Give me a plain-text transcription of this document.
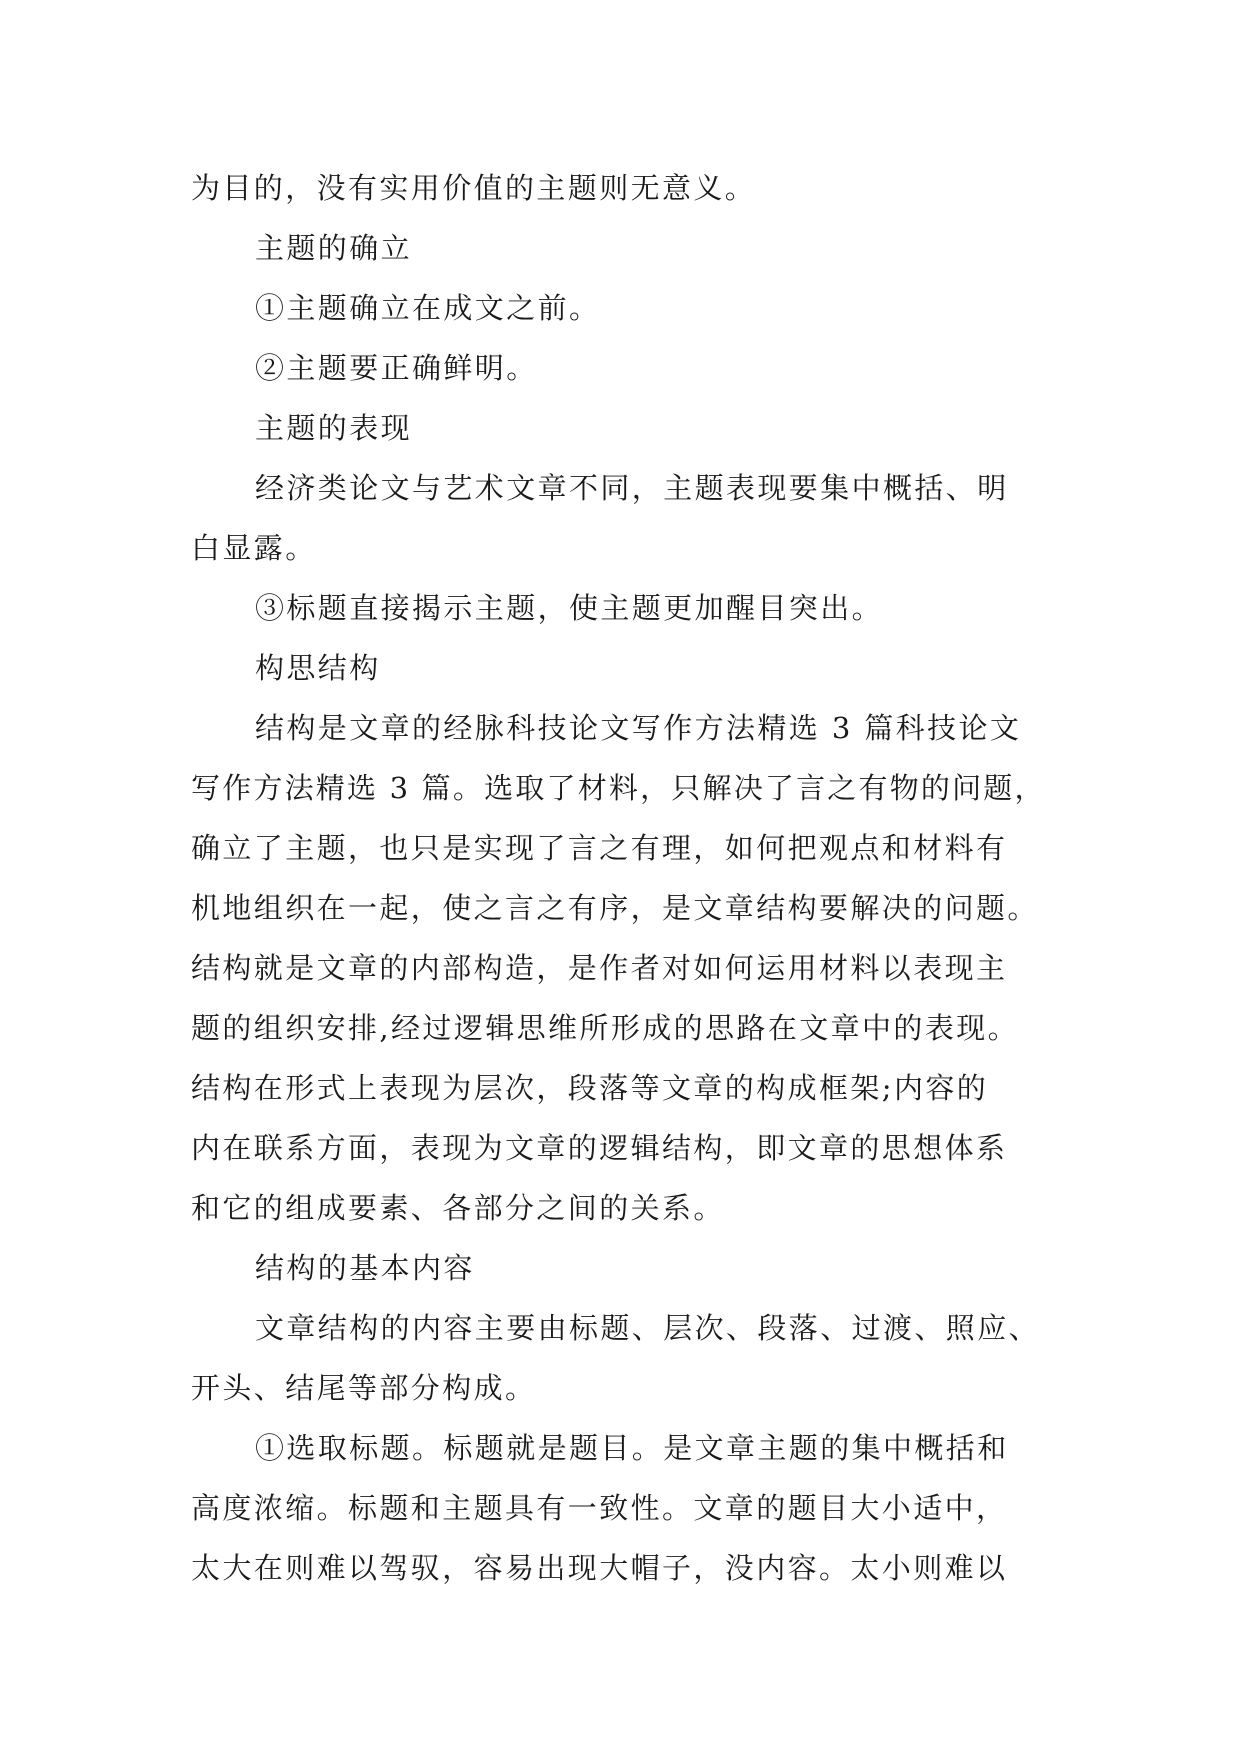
为目的，没有实用价值的主题则无意义。
主题的确立
①主题确立在成文之前。
②主题要正确鲜明。
主题的表现
经济类论文与艺术文章不同，主题表现要集中概括、明
白显露。
③标题直接揭示主题，使主题更加醒目突出。
构思结构
结构是文章的经脉科技论文写作方法精选 3 篇科技论文
写作方法精选 3 篇。选取了材料，只解决了言之有物的问题，
确立了主题，也只是实现了言之有理，如何把观点和材料有
机地组织在一起，使之言之有序，是文章结构要解决的问题。
结构就是文章的内部构造，是作者对如何运用材料以表现主
题的组织安排,经过逻辑思维所形成的思路在文章中的表现。
结构在形式上表现为层次，段落等文章的构成框架;内容的
内在联系方面，表现为文章的逻辑结构，即文章的思想体系
和它的组成要素、各部分之间的关系。
结构的基本内容
文章结构的内容主要由标题、层次、段落、过渡、照应、
开头、结尾等部分构成。
①选取标题。标题就是题目。是文章主题的集中概括和
高度浓缩。标题和主题具有一致性。文章的题目大小适中，
太大在则难以驾驭，容易出现大帽子，没内容。太小则难以
